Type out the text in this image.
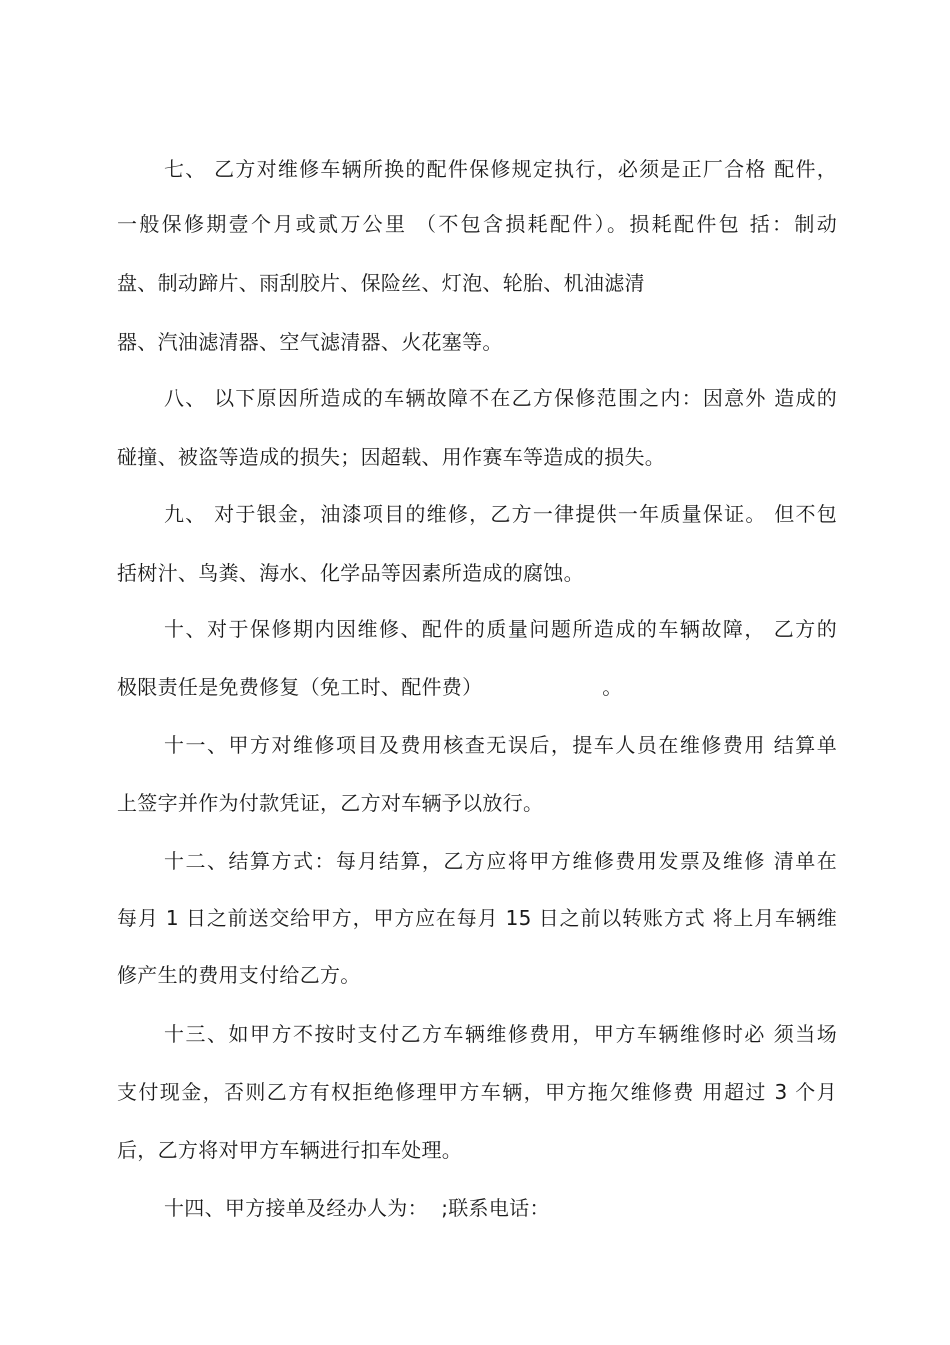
七、 乙方对维修车辆所换的配件保修规定执行，必须是正厂合格 配件，
一般保修期壹个月或贰万公里 （不包含损耗配件）。损耗配件包 括：制动
盘、制动蹄片、雨刮胶片、保险丝、灯泡、轮胎、机油滤清
器、汽油滤清器、空气滤清器、火花塞等。
八、 以下原因所造成的车辆故障不在乙方保修范围之内：因意外 造成的
碰撞、被盗等造成的损失；因超载、用作赛车等造成的损失。
九、 对于银金，油漆项目的维修，乙方一律提供一年质量保证。 但不包
括树汁、鸟粪、海水、化学品等因素所造成的腐蚀。
十、对于保修期内因维修、配件的质量问题所造成的车辆故障， 乙方的
极限责任是免费修复（免工时、配件费）                  。
十一、甲方对维修项目及费用核查无误后，提车人员在维修费用 结算单
上签字并作为付款凭证，乙方对车辆予以放行。
十二、结算方式：每月结算，乙方应将甲方维修费用发票及维修 清单在
每月 1 日之前送交给甲方，甲方应在每月 15 日之前以转账方式 将上月车辆维
修产生的费用支付给乙方。
十三、如甲方不按时支付乙方车辆维修费用，甲方车辆维修时必 须当场
支付现金，否则乙方有权拒绝修理甲方车辆，甲方拖欠维修费 用超过 3 个月
后，乙方将对甲方车辆进行扣车处理。
十四、甲方接单及经办人为：  ;联系电话：
